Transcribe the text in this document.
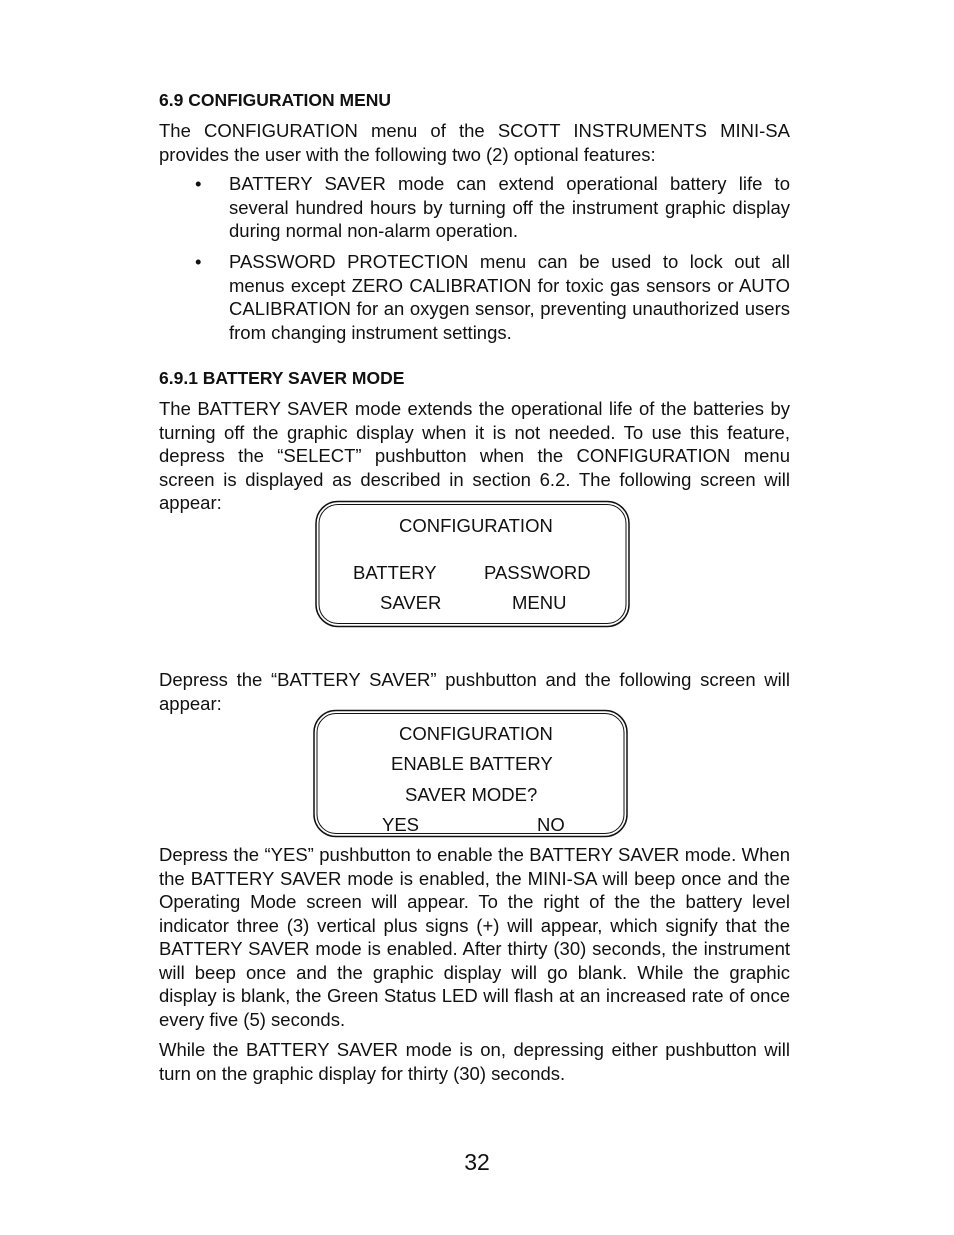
6.9 CONFIGURATION MENU

The CONFIGURATION menu of the SCOTT INSTRUMENTS MINI-SA provides the user with the following two (2) optional features:

• BATTERY SAVER mode can extend operational battery life to several hundred hours by turning off the instrument graphic display during normal non-alarm operation.

• PASSWORD PROTECTION menu can be used to lock out all menus except ZERO CALIBRATION for toxic gas sensors or AUTO CALIBRATION for an oxygen sensor, preventing unauthorized users from changing instrument settings.

6.9.1 BATTERY SAVER MODE

The BATTERY SAVER mode extends the operational life of the batteries by turning off the graphic display when it is not needed. To use this feature, depress the “SELECT” pushbutton when the CONFIGURATION menu screen is displayed as described in section 6.2. The following screen will appear:

CONFIGURATION
BATTERY
SAVER
PASSWORD
MENU

Depress the “BATTERY SAVER” pushbutton and the following screen will appear:

CONFIGURATION
ENABLE BATTERY
SAVER MODE?
YES	NO

Depress the “YES” pushbutton to enable the BATTERY SAVER mode. When the BATTERY SAVER mode is enabled, the MINI-SA will beep once and the Operating Mode screen will appear. To the right of the the battery level indicator three (3) vertical plus signs (+) will appear, which signify that the BATTERY SAVER mode is enabled. After thirty (30) seconds, the instrument will beep once and the graphic display will go blank. While the graphic display is blank, the Green Status LED will flash at an increased rate of once every five (5) seconds.

While the BATTERY SAVER mode is on, depressing either pushbutton will turn on the graphic display for thirty (30) seconds.

32
